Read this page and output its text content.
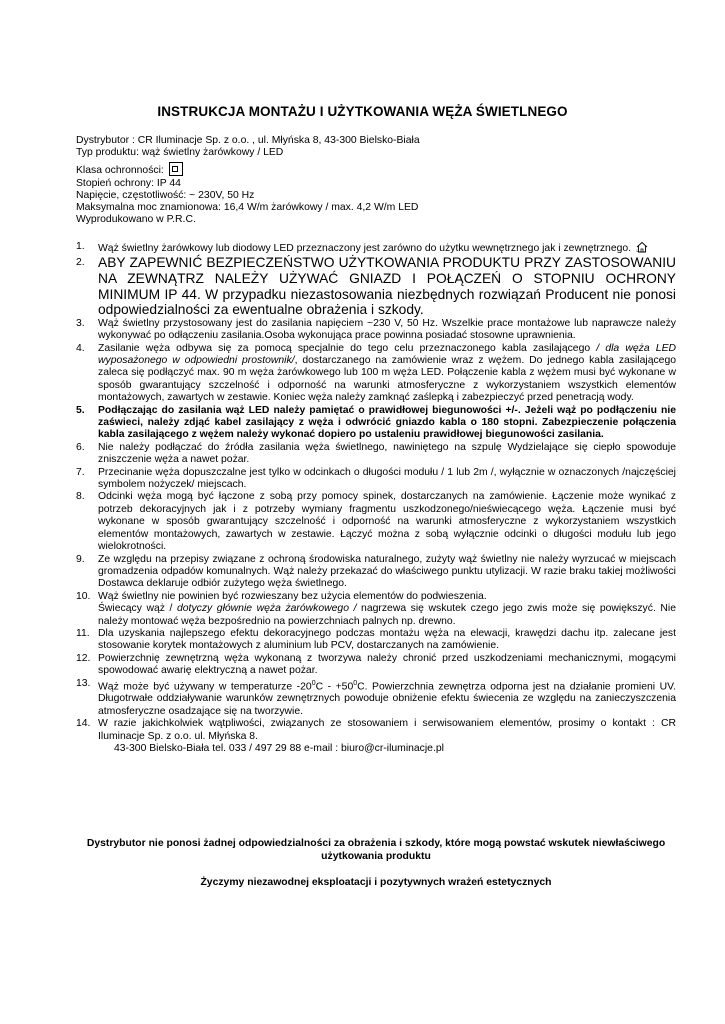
INSTRUKCJA MONTAŻU I UŻYTKOWANIA WĘŻA ŚWIETLNEGO
Dystrybutor : CR Iluminacje Sp. z o.o. , ul. Młyńska 8, 43-300 Bielsko-Biała
Typ produktu: wąż świetlny żarówkowy / LED
Klasa ochronności:
Stopień ochrony: IP 44
Napięcie, częstotliwość: ~ 230V, 50 Hz
Maksymalna moc znamionowa: 16,4 W/m żarówkowy / max. 4,2 W/m LED
Wyprodukowano w P.R.C.
1. Wąż świetlny żarówkowy lub diodowy LED przeznaczony jest zarówno do użytku wewnętrznego jak i zewnętrznego.
2. ABY ZAPEWNIĆ BEZPIECZEŃSTWO UŻYTKOWANIA PRODUKTU PRZY ZASTOSOWANIU NA ZEWNĄTRZ NALEŻY UŻYWAĆ GNIAZD I POŁĄCZEŃ O STOPNIU OCHRONY MINIMUM IP 44. W przypadku niezastosowania niezbędnych rozwiązań Producent nie ponosi odpowiedzialności za ewentualne obrażenia i szkody.
3. Wąż świetlny przystosowany jest do zasilania napięciem ~230 V, 50 Hz. Wszelkie prace montażowe lub naprawcze należy wykonywać po odłączeniu zasilania.Osoba wykonująca prace powinna posiadać stosowne uprawnienia.
4. Zasilanie węża odbywa się za pomocą specjalnie do tego celu przeznaczonego kabla zasilającego / dla węża LED wyposażonego w odpowiedni prostownik/, dostarczanego na zamówienie wraz z wężem. Do jednego kabla zasilającego zaleca się podłączyć max. 90 m węża żarówkowego lub 100 m węża LED. Połączenie kabla z wężem musi być wykonane w sposób gwarantujący szczelność i odporność na warunki atmosferyczne z wykorzystaniem wszystkich elementów montażowych, zawartych w zestawie. Koniec węża należy zamknąć zaślepką i zabezpieczyć przed penetracją wody.
5. Podłączając do zasilania wąż LED należy pamiętać o prawidłowej biegunowości +/-. Jeżeli wąż po podłączeniu nie zaświeci, należy zdjąć kabel zasilający z węża i odwrócić gniazdo kabla o 180 stopni. Zabezpieczenie połączenia kabla zasilającego z wężem należy wykonać dopiero po ustaleniu prawidłowej biegunowości zasilania.
6. Nie należy podłączać do źródła zasilania węża świetlnego, nawiniętego na szpulę Wydzielające się ciepło spowoduje zniszczenie węża a nawet pożar.
7. Przecinanie węża dopuszczalne jest tylko w odcinkach o długości modułu / 1 lub 2m /, wyłącznie w oznaczonych /najczęściej symbolem nożyczek/ miejscach.
8. Odcinki węża mogą być łączone z sobą przy pomocy spinek, dostarczanych na zamówienie. Łączenie może wynikać z potrzeb dekoracyjnych jak i z potrzeby wymiany fragmentu uszkodzonego/nieświecącego węża. Łączenie musi być wykonane w sposób gwarantujący szczelność i odporność na warunki atmosferyczne z wykorzystaniem wszystkich elementów montażowych, zawartych w zestawie. Łączyć można z sobą wyłącznie odcinki o długości modułu lub jego wielokrotności.
9. Ze względu na przepisy związane z ochroną środowiska naturalnego, zużyty wąż świetlny nie należy wyrzucać w miejscach gromadzenia odpadów komunalnych. Wąż należy przekazać do właściwego punktu utylizacji. W razie braku takiej możliwości Dostawca deklaruje odbiór zużytego węża świetlnego.
10. Wąż świetlny nie powinien być rozwieszany bez użycia elementów do podwieszenia.
Świecący wąż / dotyczy głównie węża żarówkowego / nagrzewa się wskutek czego jego zwis może się powiększyć. Nie należy montować węża bezpośrednio na powierzchniach palnych np. drewno.
11. Dla uzyskania najlepszego efektu dekoracyjnego podczas montażu węża na elewacji, krawędzi dachu itp. zalecane jest stosowanie korytek montażowych z aluminium lub PCV, dostarczanych na zamówienie.
12. Powierzchnię zewnętrzną węża wykonaną z tworzywa należy chronić przed uszkodzeniami mechanicznymi, mogącymi spowodować awarię elektryczną a nawet pożar.
13. Wąż może być używany w temperaturze $-20^0C - +50^0C$. Powierzchnia zewnętrza odporna jest na działanie promieni UV. Długotrwałe oddziaływanie warunków zewnętrznych powoduje obniżenie efektu świecenia ze względu na zanieczyszczenia atmosferyczne osadzające się na tworzywie.
14. W razie jakichkolwiek wątpliwości, związanych ze stosowaniem i serwisowaniem elementów, prosimy o kontakt : CR Iluminacje Sp. z o.o. ul. Młyńska 8.
43-300 Bielsko-Biała tel. 033 / 497 29 88 e-mail : biuro@cr-iluminacje.pl
Dystrybutor nie ponosi żadnej odpowiedzialności za obrażenia i szkody, które mogą powstać wskutek niewłaściwego użytkowania produktu
Życzymy niezawodnej eksploatacji i pozytywnych wrażeń estetycznych
